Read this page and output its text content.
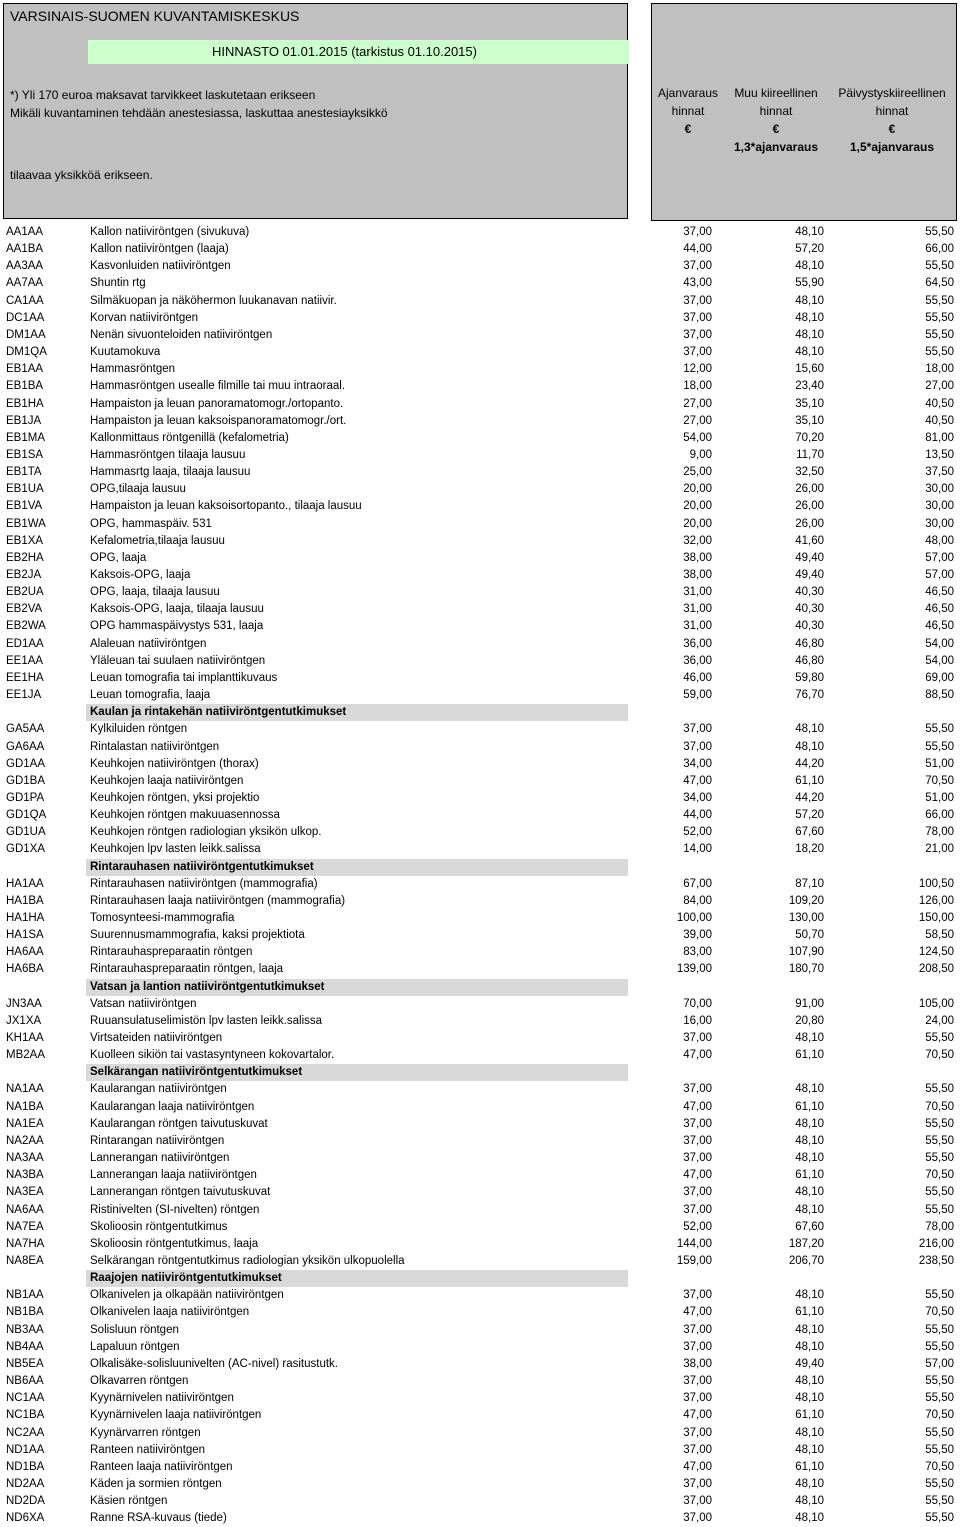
VARSINAIS-SUOMEN KUVANTAMISKESKUS
HINNASTO 01.01.2015 (tarkistus 01.10.2015)
*) Yli 170 euroa maksavat tarvikkeet laskutetaan erikseen
Mikäli kuvantaminen tehdään anestesiassa, laskuttaa anestesiayksikkö
tilaavaa yksikköä erikseen.
Ajanvaraus
hinnat
€
Muu kiireellinen
hinnat
€
1,3*ajanvaraus
Päivystyskiireellinen
hinnat
€
1,5*ajanvaraus
AA1AA	Kallon natiiviröntgen (sivukuva)	37,00	48,10	55,50
AA1BA	Kallon natiiviröntgen (laaja)	44,00	57,20	66,00
AA3AA	Kasvonluiden natiiviröntgen	37,00	48,10	55,50
AA7AA	Shuntin rtg	43,00	55,90	64,50
CA1AA	Silmäkuopan ja näköhermon luukanavan natiivir.	37,00	48,10	55,50
DC1AA	Korvan natiiviröntgen	37,00	48,10	55,50
DM1AA	Nenän sivuonteloiden natiiviröntgen	37,00	48,10	55,50
DM1QA	Kuutamokuva	37,00	48,10	55,50
EB1AA	Hammasröntgen	12,00	15,60	18,00
EB1BA	Hammasröntgen usealle filmille tai muu intraoraal.	18,00	23,40	27,00
EB1HA	Hampaiston ja leuan panoramatomogr./ortopanto.	27,00	35,10	40,50
EB1JA	Hampaiston ja leuan kaksoispanoramatomogr./ort.	27,00	35,10	40,50
EB1MA	Kallonmittaus röntgenillä (kefalometria)	54,00	70,20	81,00
EB1SA	Hammasröntgen tilaaja lausuu	9,00	11,70	13,50
EB1TA	Hammasrtg laaja, tilaaja lausuu	25,00	32,50	37,50
EB1UA	OPG,tilaaja lausuu	20,00	26,00	30,00
EB1VA	Hampaiston ja leuan kaksoisortopanto., tilaaja lausuu	20,00	26,00	30,00
EB1WA	OPG, hammaspäiv. 531	20,00	26,00	30,00
EB1XA	Kefalometria,tilaaja lausuu	32,00	41,60	48,00
EB2HA	OPG, laaja	38,00	49,40	57,00
EB2JA	Kaksois-OPG, laaja	38,00	49,40	57,00
EB2UA	OPG, laaja, tilaaja lausuu	31,00	40,30	46,50
EB2VA	Kaksois-OPG, laaja, tilaaja lausuu	31,00	40,30	46,50
EB2WA	OPG hammaspäivystys 531, laaja	31,00	40,30	46,50
ED1AA	Alaleuan natiiviröntgen	36,00	46,80	54,00
EE1AA	Yläleuan tai suulaen natiiviröntgen	36,00	46,80	54,00
EE1HA	Leuan tomografia tai implanttikuvaus	46,00	59,80	69,00
EE1JA	Leuan tomografia, laaja	59,00	76,70	88,50
Kaulan ja rintakehän natiiviröntgentutkimukset
GA5AA	Kylkiluiden röntgen	37,00	48,10	55,50
GA6AA	Rintalastan natiiviröntgen	37,00	48,10	55,50
GD1AA	Keuhkojen natiiviröntgen (thorax)	34,00	44,20	51,00
GD1BA	Keuhkojen laaja natiiviröntgen	47,00	61,10	70,50
GD1PA	Keuhkojen röntgen, yksi projektio	34,00	44,20	51,00
GD1QA	Keuhkojen röntgen makuuasennossa	44,00	57,20	66,00
GD1UA	Keuhkojen röntgen radiologian yksikön ulkop.	52,00	67,60	78,00
GD1XA	Keuhkojen lpv lasten leikk.salissa	14,00	18,20	21,00
Rintarauhasen natiiviröntgentutkimukset
HA1AA	Rintarauhasen natiiviröntgen (mammografia)	67,00	87,10	100,50
HA1BA	Rintarauhasen laaja natiiviröntgen (mammografia)	84,00	109,20	126,00
HA1HA	Tomosynteesi-mammografia	100,00	130,00	150,00
HA1SA	Suurennusmammografia, kaksi projektiota	39,00	50,70	58,50
HA6AA	Rintarauhaspreparaatin röntgen	83,00	107,90	124,50
HA6BA	Rintarauhaspreparaatin röntgen, laaja	139,00	180,70	208,50
Vatsan ja lantion natiiviröntgentutkimukset
JN3AA	Vatsan natiiviröntgen	70,00	91,00	105,00
JX1XA	Ruuansulatuselimistön lpv lasten leikk.salissa	16,00	20,80	24,00
KH1AA	Virtsateiden natiiviröntgen	37,00	48,10	55,50
MB2AA	Kuolleen sikiön tai vastasyntyneen kokovartalor.	47,00	61,10	70,50
Selkärangan natiiviröntgentutkimukset
NA1AA	Kaularangan natiiviröntgen	37,00	48,10	55,50
NA1BA	Kaularangan laaja natiiviröntgen	47,00	61,10	70,50
NA1EA	Kaularangan röntgen taivutuskuvat	37,00	48,10	55,50
NA2AA	Rintarangan natiiviröntgen	37,00	48,10	55,50
NA3AA	Lannerangan natiiviröntgen	37,00	48,10	55,50
NA3BA	Lannerangan laaja natiiviröntgen	47,00	61,10	70,50
NA3EA	Lannerangan röntgen taivutuskuvat	37,00	48,10	55,50
NA6AA	Ristinivelten (SI-nivelten) röntgen	37,00	48,10	55,50
NA7EA	Skolioosin röntgentutkimus	52,00	67,60	78,00
NA7HA	Skolioosin röntgentutkimus, laaja	144,00	187,20	216,00
NA8EA	Selkärangan röntgentutkimus radiologian yksikön ulkopuolella	159,00	206,70	238,50
Raajojen natiiviröntgentutkimukset
NB1AA	Olkanivelen ja olkapään natiiviröntgen	37,00	48,10	55,50
NB1BA	Olkanivelen laaja natiiviröntgen	47,00	61,10	70,50
NB3AA	Solisluun röntgen	37,00	48,10	55,50
NB4AA	Lapaluun röntgen	37,00	48,10	55,50
NB5EA	Olkalisäke-solisluunivelten (AC-nivel) rasitustutk.	38,00	49,40	57,00
NB6AA	Olkavarren röntgen	37,00	48,10	55,50
NC1AA	Kyynärnivelen natiiviröntgen	37,00	48,10	55,50
NC1BA	Kyynärnivelen laaja natiiviröntgen	47,00	61,10	70,50
NC2AA	Kyynärvarren röntgen	37,00	48,10	55,50
ND1AA	Ranteen natiiviröntgen	37,00	48,10	55,50
ND1BA	Ranteen laaja natiiviröntgen	47,00	61,10	70,50
ND2AA	Käden ja sormien röntgen	37,00	48,10	55,50
ND2DA	Käsien röntgen	37,00	48,10	55,50
ND6XA	Ranne RSA-kuvaus (tiede)	37,00	48,10	55,50
